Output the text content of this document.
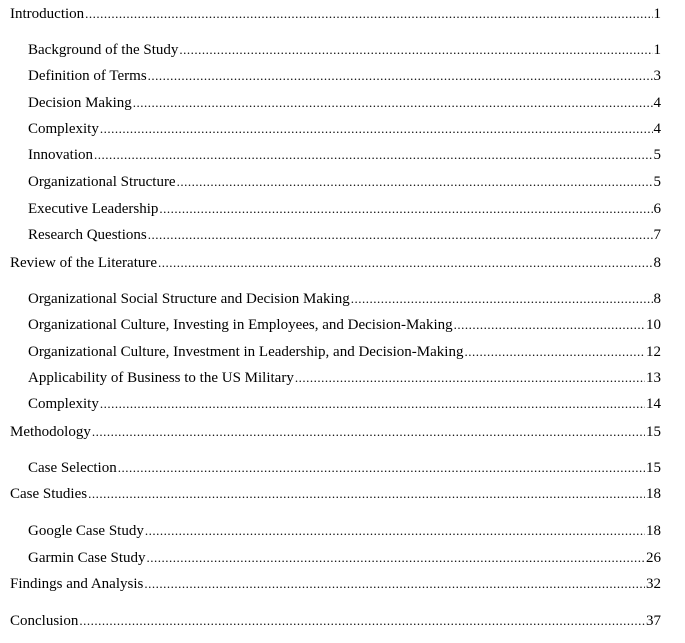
Introduction .....	1
Background of the Study .....	1
Definition of Terms .....	3
Decision Making .....	4
Complexity .....	4
Innovation .....	5
Organizational Structure .....	5
Executive Leadership .....	6
Research Questions .....	7
Review of the Literature .....	8
Organizational Social Structure and Decision Making .....	8
Organizational Culture, Investing in Employees, and Decision-Making .....	10
Organizational Culture, Investment in Leadership, and Decision-Making .....	12
Applicability of Business to the US Military .....	13
Complexity .....	14
Methodology .....	15
Case Selection .....	15
Case Studies .....	18
Google Case Study .....	18
Garmin Case Study .....	26
Findings and Analysis .....	32
Conclusion .....	37
